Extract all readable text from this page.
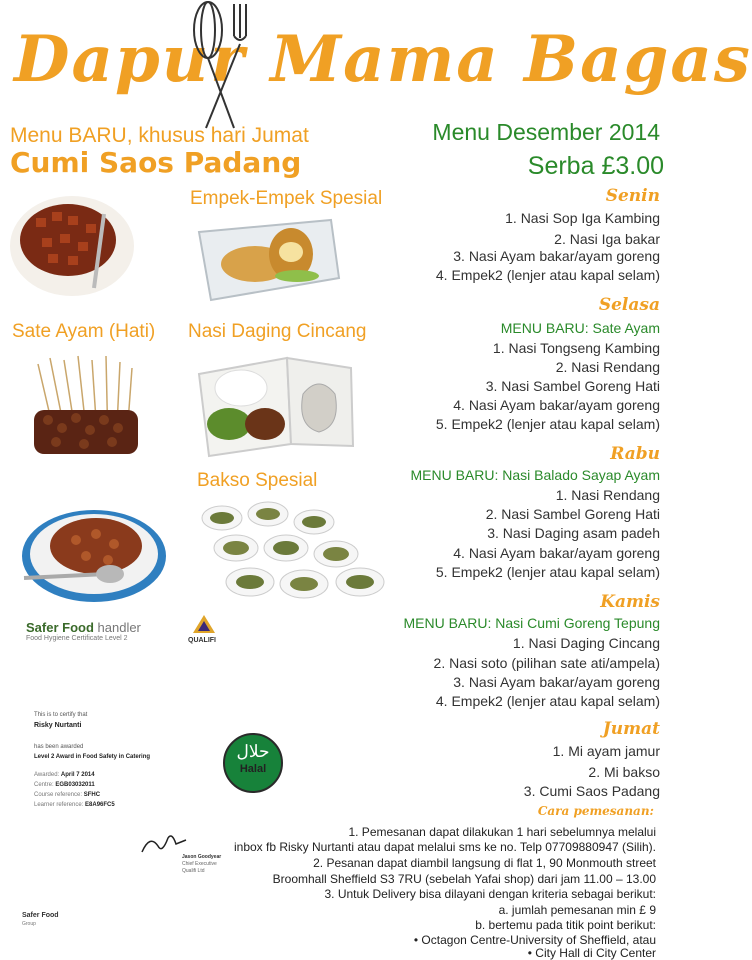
Dapur Mama Bagas
Menu BARU, khusus hari Jumat
Cumi Saos Padang
Menu Desember 2014
Serba £3.00
Empek-Empek Spesial
Sate Ayam (Hati) Nasi Daging Cincang
Bakso Spesial
Safer Food handler
Food Hygiene Certificate Level 2	QUALIFI
This is to certify that
Risky Nurtanti
has been awarded
Level 2 Award in Food Safety in Catering
Awarded: April 7 2014
Centre: EGB03032011
Course reference: SFHC
Learner reference: E8A96FC5
Jason Goodyear
Chief Executive
Qualifi Ltd
Safer Food
Group
حلال
Halal
Senin
1. Nasi Sop Iga Kambing
2. Nasi Iga bakar
3. Nasi Ayam bakar/ayam goreng
4. Empek2 (lenjer atau kapal selam)
Selasa
MENU BARU: Sate Ayam
1. Nasi Tongseng Kambing
2. Nasi Rendang
3. Nasi Sambel Goreng Hati
4. Nasi Ayam bakar/ayam goreng
5. Empek2 (lenjer atau kapal selam)
Rabu
MENU BARU: Nasi Balado Sayap Ayam
1. Nasi Rendang
2. Nasi Sambel Goreng Hati
3. Nasi Daging asam padeh
4. Nasi Ayam bakar/ayam goreng
5. Empek2 (lenjer atau kapal selam)
Kamis
MENU BARU: Nasi Cumi Goreng Tepung
1. Nasi Daging Cincang
2. Nasi soto (pilihan sate ati/ampela)
3. Nasi Ayam bakar/ayam goreng
4. Empek2 (lenjer atau kapal selam)
Jumat
1. Mi ayam jamur
2. Mi bakso
3. Cumi Saos Padang
Cara pemesanan:
1. Pemesanan dapat dilakukan 1 hari sebelumnya melalui
inbox fb Risky Nurtanti atau dapat melalui sms ke no. Telp 07709880947 (Silih).
2. Pesanan dapat diambil langsung di flat 1, 90 Monmouth street
Broomhall Sheffield S3 7RU (sebelah Yafai shop) dari jam 11.00 – 13.00
3. Untuk Delivery bisa dilayani dengan kriteria sebagai berikut:
a. jumlah pemesanan min £ 9
b. bertemu pada titik point berikut:
• Octagon Centre-University of Sheffield, atau
• City Hall di City Center
